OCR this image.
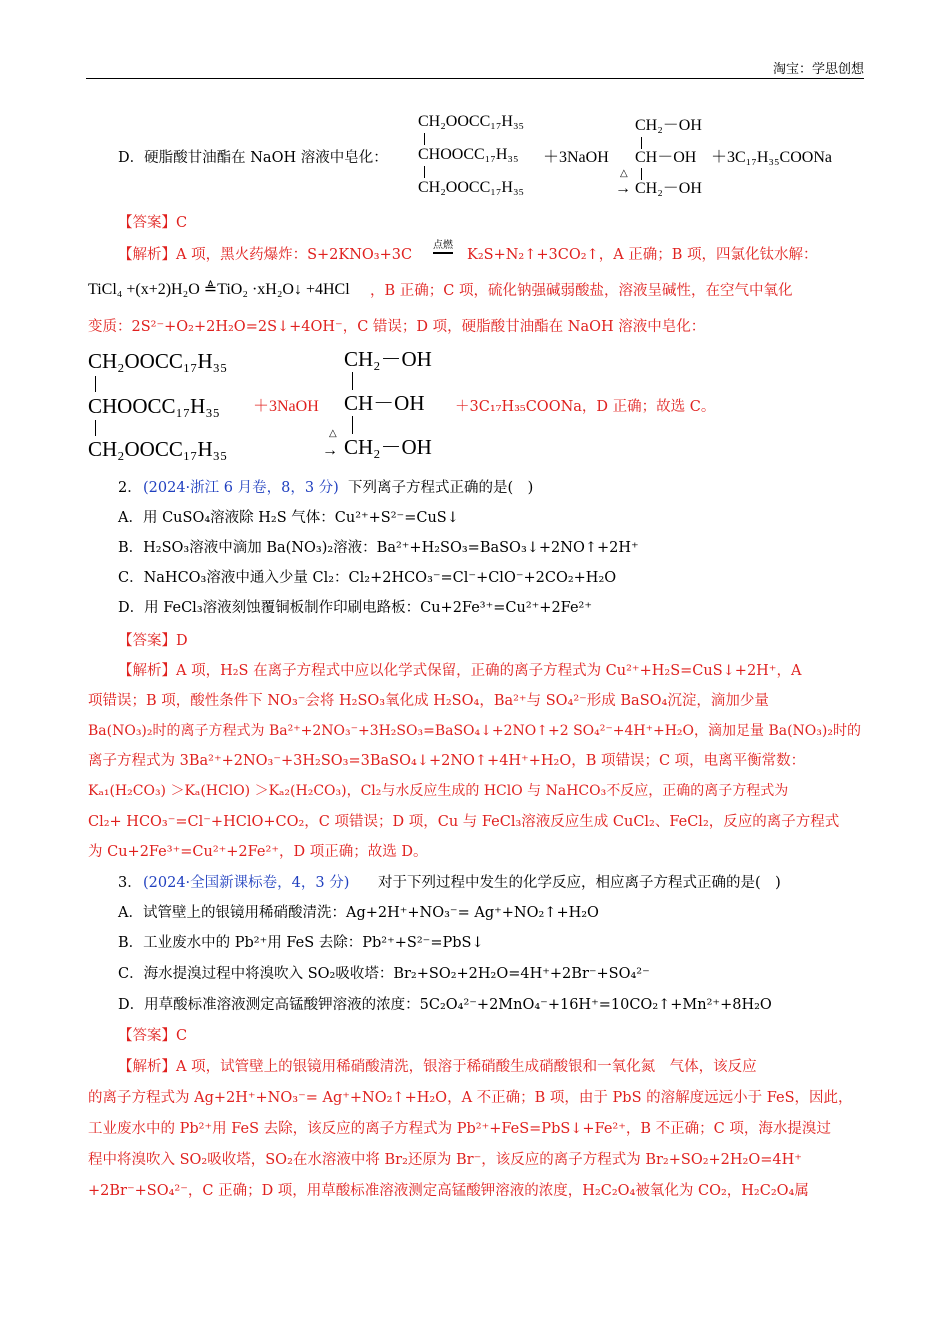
淘宝：学思创想
D．硬脂酸甘油酯在 NaOH 溶液中皂化：
CH₂OOCC₁₇H₃₅
CHOOCC₁₇H₃₅
CH₂OOCC₁₇H₃₅
＋3NaOH
CH₂－OH
CH－OH
△
→ CH₂－OH
＋3C₁₇H₃₅COONa
【答案】C
【解析】A 项，黑火药爆炸：S+2KNO₃+3C
点燃
K₂S+N₂↑+3CO₂↑，A 正确；B 项，四氯化钛水解：
TiCl₄ +(x+2)H₂O ≜TiO₂ ·xH₂O↓ +4HCl ，B 正确；C 项，硫化钠强碱弱酸盐，溶液呈碱性，在空气中氧化
变质：2S²⁻+O₂+2H₂O=2S↓+4OH⁻，C 错误；D 项，硬脂酸甘油酯在 NaOH 溶液中皂化：
CH₂OOCC₁₇H₃₅
CHOOCC₁₇H₃₅
CH₂OOCC₁₇H₃₅
＋3NaOH
CH₂－OH
CH－OH
△
→ CH₂－OH
＋3C₁₇H₃₅COONa，D 正确；故选 C。
2． (2024·浙江 6 月卷，8，3 分) 下列离子方程式正确的是(　)
A．用 CuSO₄溶液除 H₂S 气体：Cu²⁺+S²⁻=CuS↓
B．H₂SO₃溶液中滴加 Ba(NO₃)₂溶液：Ba²⁺+H₂SO₃=BaSO₃↓+2NO↑+2H⁺
C．NaHCO₃溶液中通入少量 Cl₂：Cl₂+2HCO₃⁻=Cl⁻+ClO⁻+2CO₂+H₂O
D．用 FeCl₃溶液刻蚀覆铜板制作印刷电路板：Cu+2Fe³⁺=Cu²⁺+2Fe²⁺
【答案】D
【解析】A 项，H₂S 在离子方程式中应以化学式保留，正确的离子方程式为 Cu²⁺+H₂S=CuS↓+2H⁺，A
项错误；B 项，酸性条件下 NO₃⁻会将 H₂SO₃氧化成 H₂SO₄，Ba²⁺与 SO₄²⁻形成 BaSO₄沉淀，滴加少量
Ba(NO₃)₂时的离子方程式为 Ba²⁺+2NO₃⁻+3H₂SO₃=BaSO₄↓+2NO↑+2 SO₄²⁻+4H⁺+H₂O，滴加足量 Ba(NO₃)₂时的
离子方程式为 3Ba²⁺+2NO₃⁻+3H₂SO₃=3BaSO₄↓+2NO↑+4H⁺+H₂O，B 项错误；C 项，电离平衡常数：
Kₐ₁(H₂CO₃) ＞Kₐ(HClO) ＞Kₐ₂(H₂CO₃)，Cl₂与水反应生成的 HClO 与 NaHCO₃不反应，正确的离子方程式为
Cl₂+ HCO₃⁻=Cl⁻+HClO+CO₂，C 项错误；D 项，Cu 与 FeCl₃溶液反应生成 CuCl₂、FeCl₂，反应的离子方程式
为 Cu+2Fe³⁺=Cu²⁺+2Fe²⁺，D 项正确；故选 D。
3． (2024·全国新课标卷，4，3 分) 对于下列过程中发生的化学反应，相应离子方程式正确的是(　)
A．试管壁上的银镜用稀硝酸清洗：Ag+2H⁺+NO₃⁻= Ag⁺+NO₂↑+H₂O
B．工业废水中的 Pb²⁺用 FeS 去除：Pb²⁺+S²⁻=PbS↓
C．海水提溴过程中将溴吹入 SO₂吸收塔：Br₂+SO₂+2H₂O=4H⁺+2Br⁻+SO₄²⁻
D．用草酸标准溶液测定高锰酸钾溶液的浓度：5C₂O₄²⁻+2MnO₄⁻+16H⁺=10CO₂↑+Mn²⁺+8H₂O
【答案】C
【解析】A 项，试管壁上的银镜用稀硝酸清洗，银溶于稀硝酸生成硝酸银和一氧化氮　气体，该反应
的离子方程式为 Ag+2H⁺+NO₃⁻= Ag⁺+NO₂↑+H₂O，A 不正确；B 项，由于 PbS 的溶解度远远小于 FeS，因此，
工业废水中的 Pb²⁺用 FeS 去除，该反应的离子方程式为 Pb²⁺+FeS=PbS↓+Fe²⁺，B 不正确；C 项，海水提溴过
程中将溴吹入 SO₂吸收塔，SO₂在水溶液中将 Br₂还原为 Br⁻，该反应的离子方程式为 Br₂+SO₂+2H₂O=4H⁺
+2Br⁻+SO₄²⁻，C 正确；D 项，用草酸标准溶液测定高锰酸钾溶液的浓度，H₂C₂O₄被氧化为 CO₂，H₂C₂O₄属
